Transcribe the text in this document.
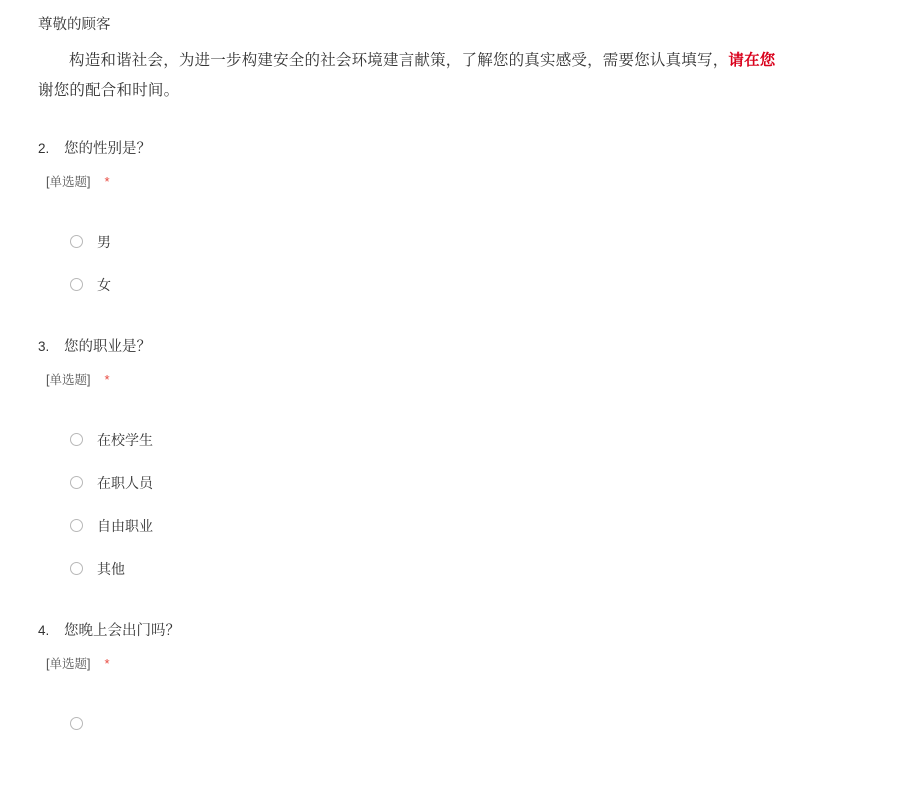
尊敬的顾客

构造和谐社会，为进一步构建安全的社会环境建言献策，了解您的真实感受，需要您认真填写，请在您

谢您的配合和时间。

2.	您的性别是？
[单选题] *
男
女
3.	您的职业是？
[单选题] *
在校学生
在职人员
自由职业
其他
4.	您晚上会出门吗？
[单选题] *
